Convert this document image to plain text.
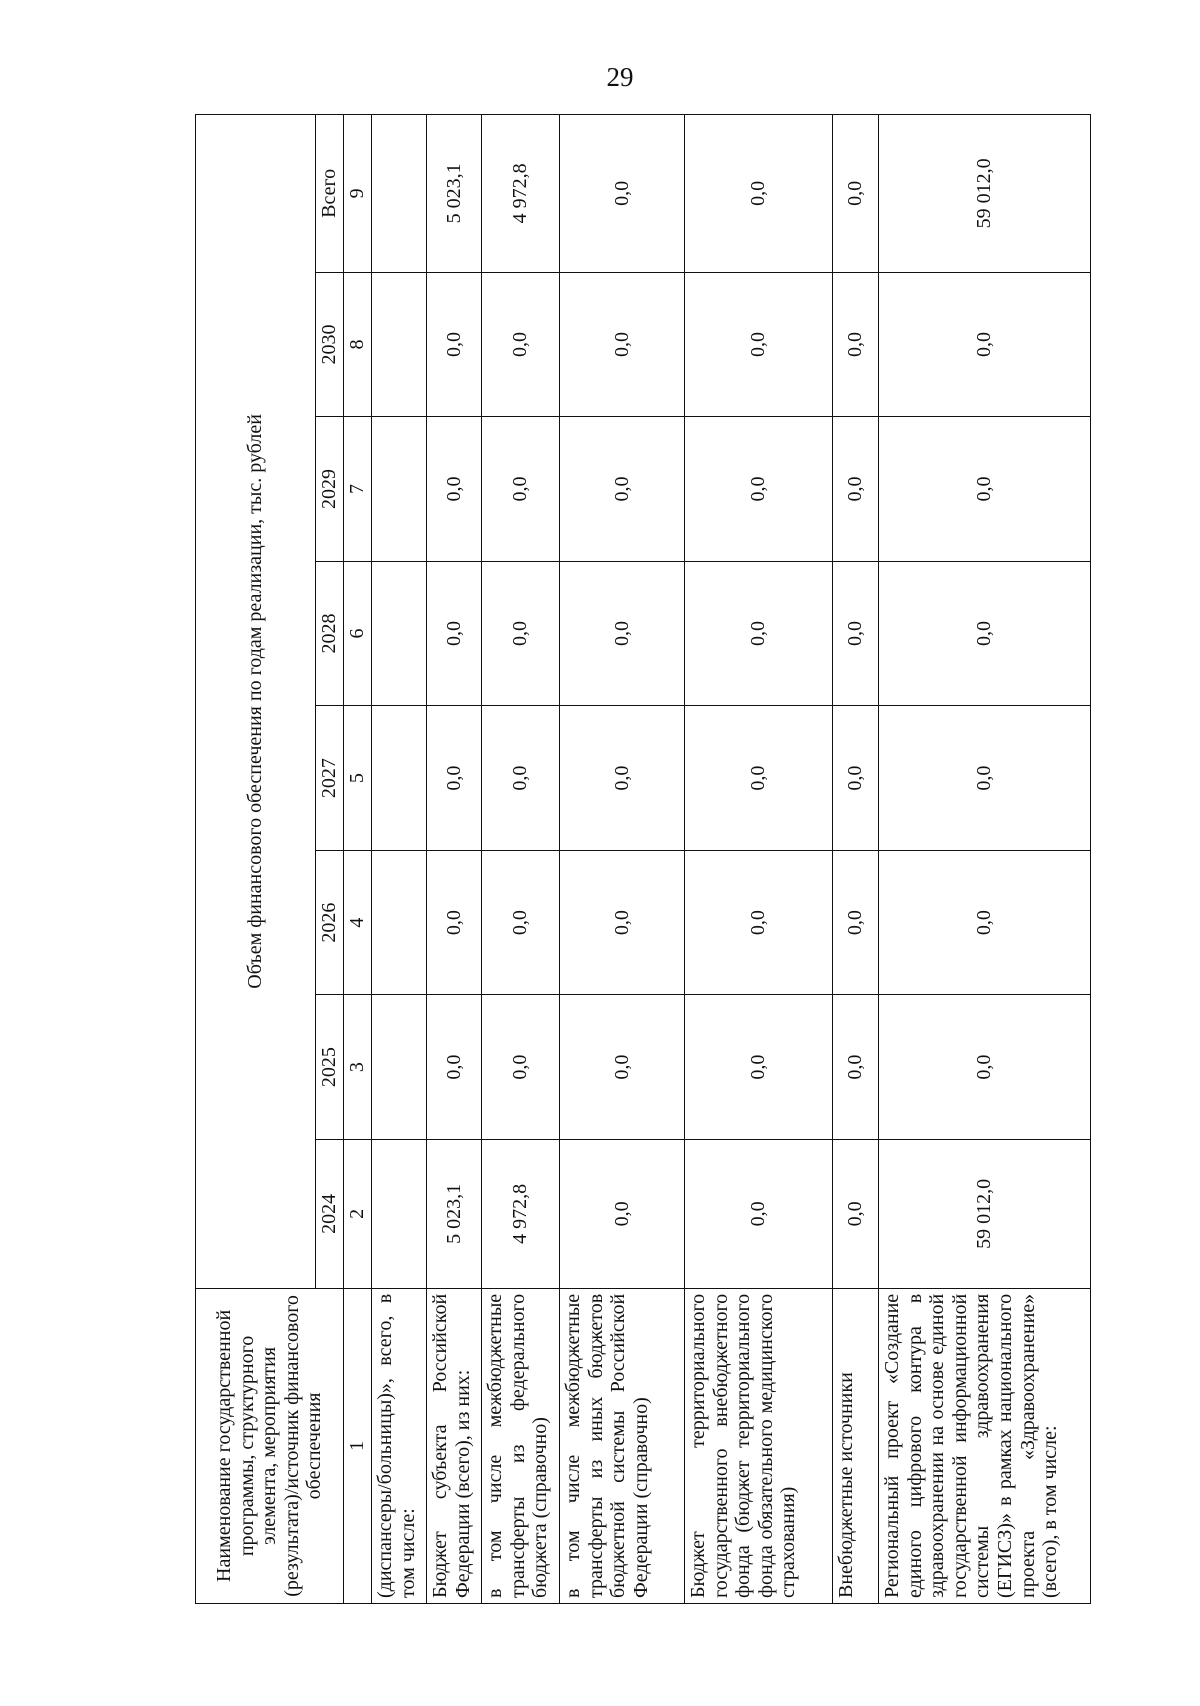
29
Наименование государственной программы, структурного элемента, мероприятия (результата)/источник финансового обеспечения	Объем финансового обеспечения по годам реализации, тыс. рублей							
	2024	2025	2026	2027	2028	2029	2030	Всего
1	2	3	4	5	6	7	8	9
(диспансеры/больницы)», всего, в том числе:								
Бюджет субъекта Российской Федерации (всего), из них:	5 023,1	0,0	0,0	0,0	0,0	0,0	0,0	5 023,1
в том числе межбюджетные трансферты из федерального бюджета (справочно)	4 972,8	0,0	0,0	0,0	0,0	0,0	0,0	4 972,8
в том числе межбюджетные трансферты из иных бюджетов бюджетной системы Российской Федерации (справочно)	0,0	0,0	0,0	0,0	0,0	0,0	0,0	0,0
Бюджет территориального государственного внебюджетного фонда (бюджет территориального фонда обязательного медицинского страхования)	0,0	0,0	0,0	0,0	0,0	0,0	0,0	0,0
Внебюджетные источники	0,0	0,0	0,0	0,0	0,0	0,0	0,0	0,0
Региональный проект «Создание единого цифрового контура в здравоохранении на основе единой государственной информационной системы здравоохранения (ЕГИСЗ)» в рамках национального проекта «Здравоохранение» (всего), в том числе:	59 012,0	0,0	0,0	0,0	0,0	0,0	0,0	59 012,0
